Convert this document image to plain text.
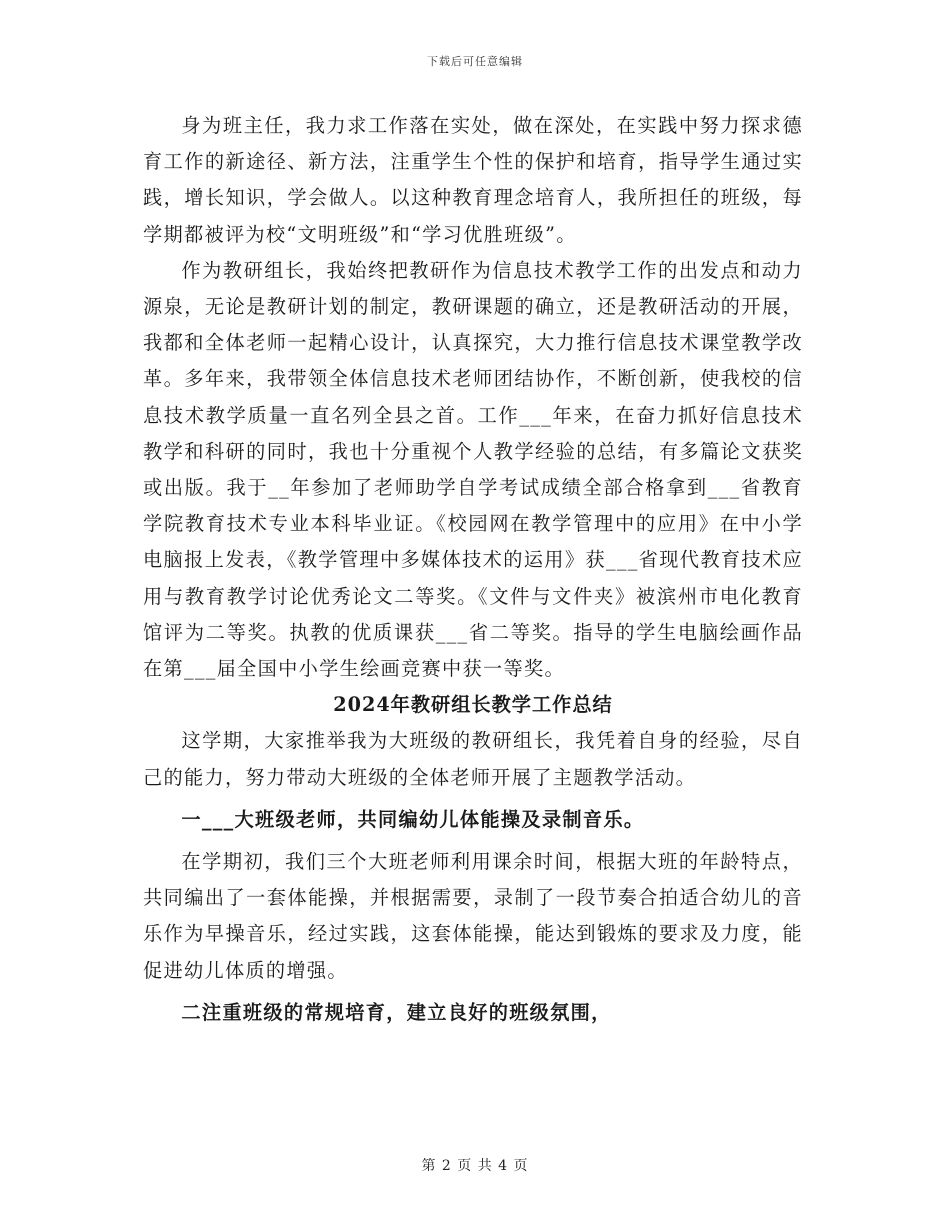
下载后可任意编辑

身为班主任，我力求工作落在实处，做在深处，在实践中努力探求德育工作的新途径、新方法，注重学生个性的保护和培育，指导学生通过实践，增长知识，学会做人。以这种教育理念培育人，我所担任的班级，每学期都被评为校“文明班级”和“学习优胜班级”。

作为教研组长，我始终把教研作为信息技术教学工作的出发点和动力源泉，无论是教研计划的制定，教研课题的确立，还是教研活动的开展，我都和全体老师一起精心设计，认真探究，大力推行信息技术课堂教学改革。多年来，我带领全体信息技术老师团结协作，不断创新，使我校的信息技术教学质量一直名列全县之首。工作___年来，在奋力抓好信息技术教学和科研的同时，我也十分重视个人教学经验的总结，有多篇论文获奖或出版。我于__年参加了老师助学自学考试成绩全部合格拿到___省教育学院教育技术专业本科毕业证。《校园网在教学管理中的应用》在中小学电脑报上发表，《教学管理中多媒体技术的运用》获___省现代教育技术应用与教育教学讨论优秀论文二等奖。《文件与文件夹》被滨州市电化教育馆评为二等奖。执教的优质课获___省二等奖。指导的学生电脑绘画作品在第___届全国中小学生绘画竞赛中获一等奖。

2024年教研组长教学工作总结

这学期，大家推举我为大班级的教研组长，我凭着自身的经验，尽自己的能力，努力带动大班级的全体老师开展了主题教学活动。

一___大班级老师，共同编幼儿体能操及录制音乐。

在学期初，我们三个大班老师利用课余时间，根据大班的年龄特点，共同编出了一套体能操，并根据需要，录制了一段节奏合拍适合幼儿的音乐作为早操音乐，经过实践，这套体能操，能达到锻炼的要求及力度，能促进幼儿体质的增强。

二注重班级的常规培育，建立良好的班级氛围，

第 2 页 共 4 页
